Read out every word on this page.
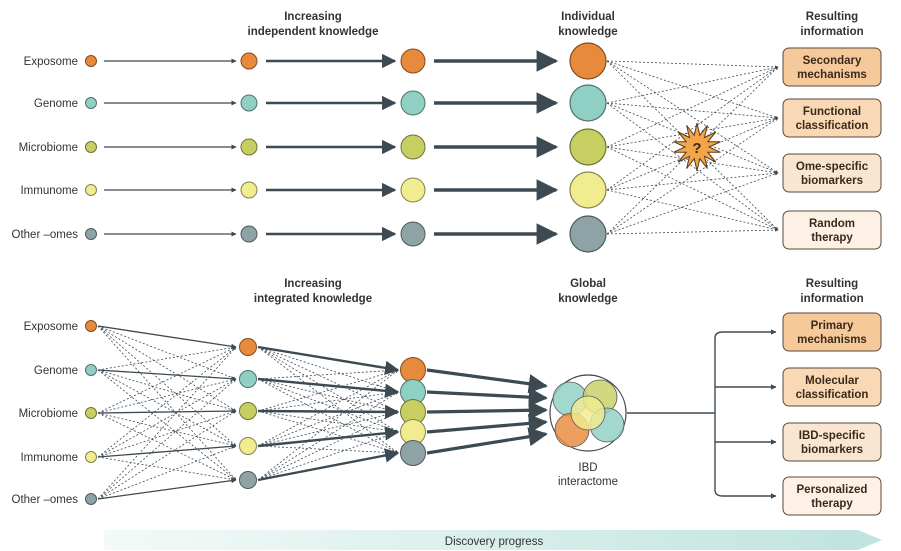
Exposome
Genome
Microbiome
Immunome
Other –omes
Exposome
Genome
Microbiome
Immunome
Other –omes
?
Secondary
mechanisms
Functional
classification
Ome-specific
biomarkers
Random
therapy
Primary
mechanisms
Molecular
classification
IBD-specific
biomarkers
Personalized
therapy
Increasing
independent knowledge
Individual
knowledge
Resulting
information
Increasing
integrated knowledge
Global
knowledge
Resulting
information
IBD
interactome
Discovery progress
